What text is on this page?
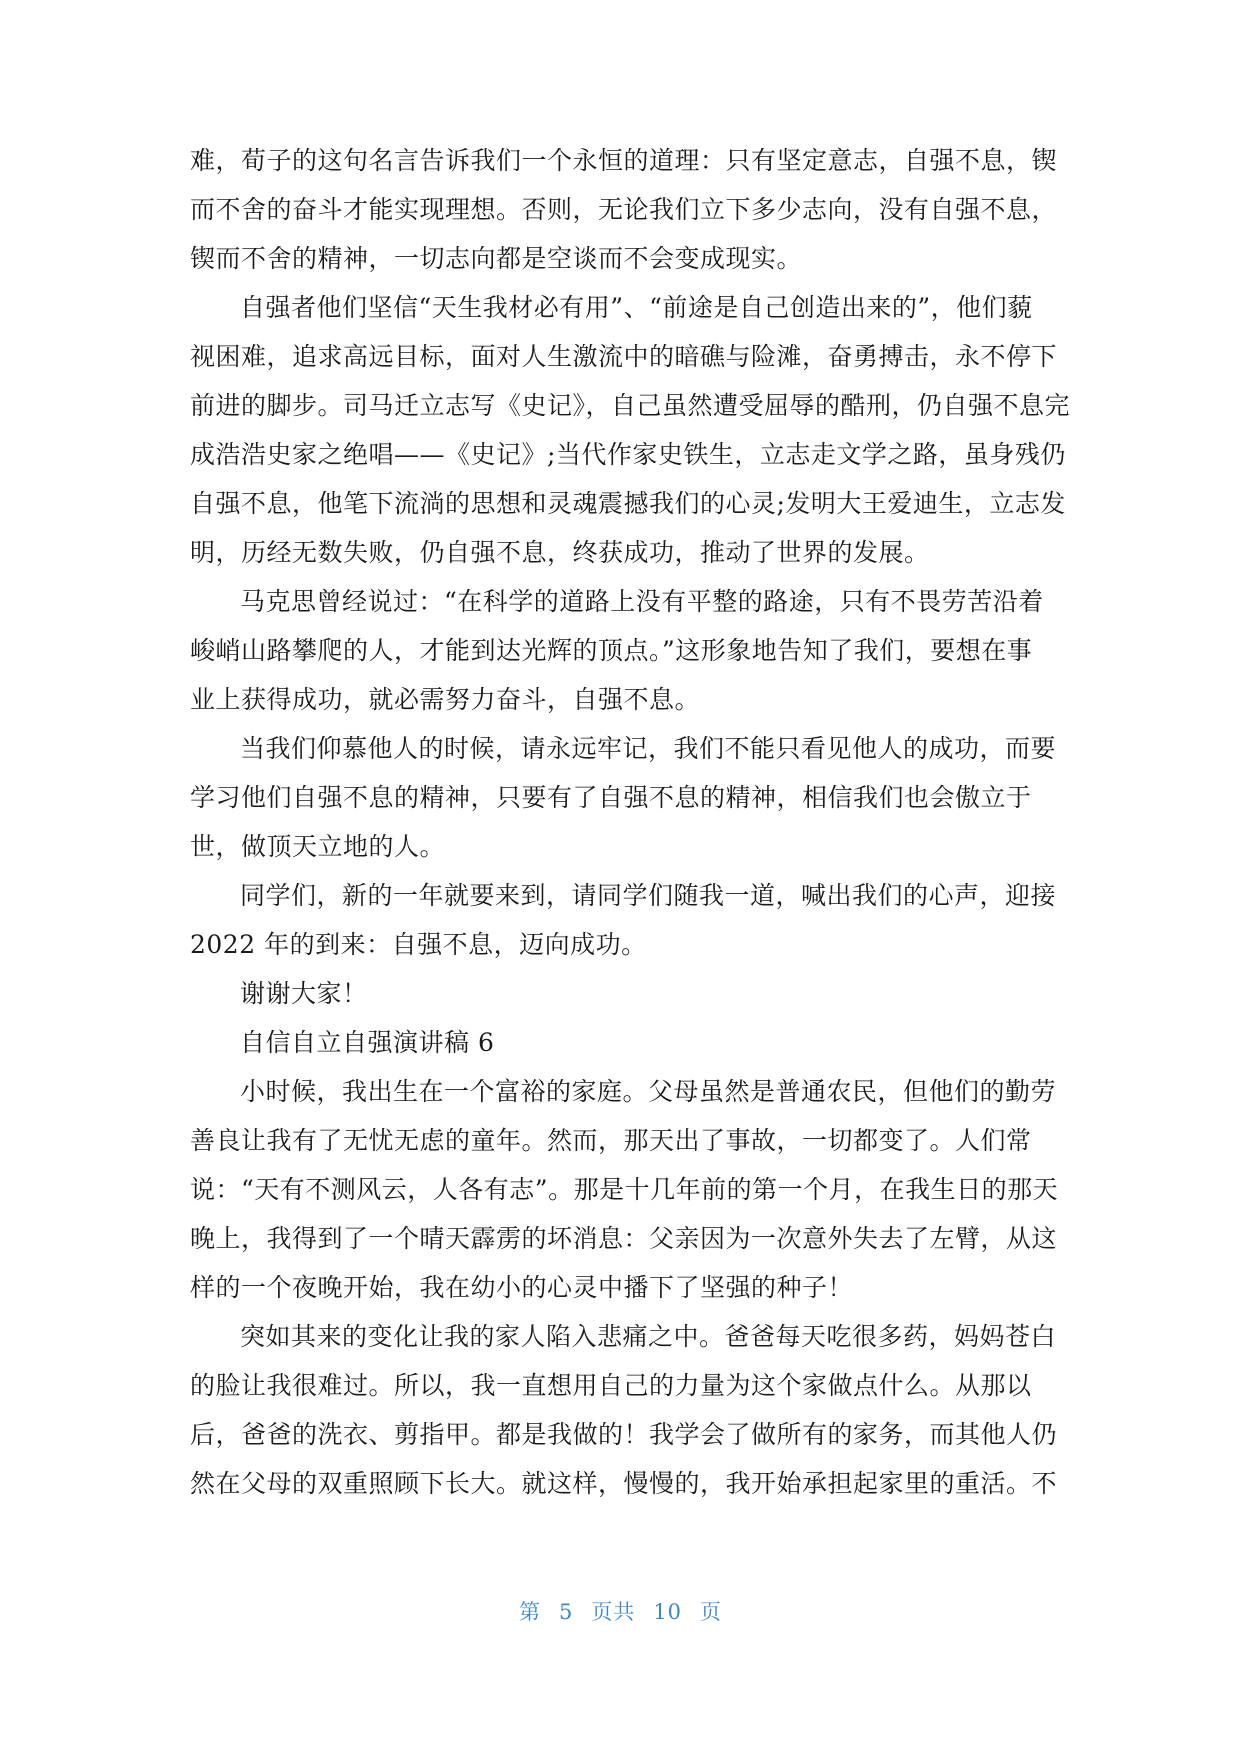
难，荀子的这句名言告诉我们一个永恒的道理：只有坚定意志，自强不息，锲
而不舍的奋斗才能实现理想。否则，无论我们立下多少志向，没有自强不息，
锲而不舍的精神，一切志向都是空谈而不会变成现实。
自强者他们坚信“天生我材必有用”、“前途是自己创造出来的”，他们藐
视困难，追求高远目标，面对人生激流中的暗礁与险滩，奋勇搏击，永不停下
前进的脚步。司马迁立志写《史记》，自己虽然遭受屈辱的酷刑，仍自强不息完
成浩浩史家之绝唱——《史记》;当代作家史铁生，立志走文学之路，虽身残仍
自强不息，他笔下流淌的思想和灵魂震撼我们的心灵;发明大王爱迪生，立志发
明，历经无数失败，仍自强不息，终获成功，推动了世界的发展。
马克思曾经说过：“在科学的道路上没有平整的路途，只有不畏劳苦沿着
峻峭山路攀爬的人，才能到达光辉的顶点。”这形象地告知了我们，要想在事
业上获得成功，就必需努力奋斗，自强不息。
当我们仰慕他人的时候，请永远牢记，我们不能只看见他人的成功，而要
学习他们自强不息的精神，只要有了自强不息的精神，相信我们也会傲立于
世，做顶天立地的人。
同学们，新的一年就要来到，请同学们随我一道，喊出我们的心声，迎接
2022 年的到来：自强不息，迈向成功。
谢谢大家！
自信自立自强演讲稿 6
小时候，我出生在一个富裕的家庭。父母虽然是普通农民，但他们的勤劳
善良让我有了无忧无虑的童年。然而，那天出了事故，一切都变了。人们常
说：“天有不测风云，人各有志”。那是十几年前的第一个月，在我生日的那天
晚上，我得到了一个晴天霹雳的坏消息：父亲因为一次意外失去了左臂，从这
样的一个夜晚开始，我在幼小的心灵中播下了坚强的种子！
突如其来的变化让我的家人陷入悲痛之中。爸爸每天吃很多药，妈妈苍白
的脸让我很难过。所以，我一直想用自己的力量为这个家做点什么。从那以
后，爸爸的洗衣、剪指甲。都是我做的！我学会了做所有的家务，而其他人仍
然在父母的双重照顾下长大。就这样，慢慢的，我开始承担起家里的重活。不
第 5 页共 10 页
